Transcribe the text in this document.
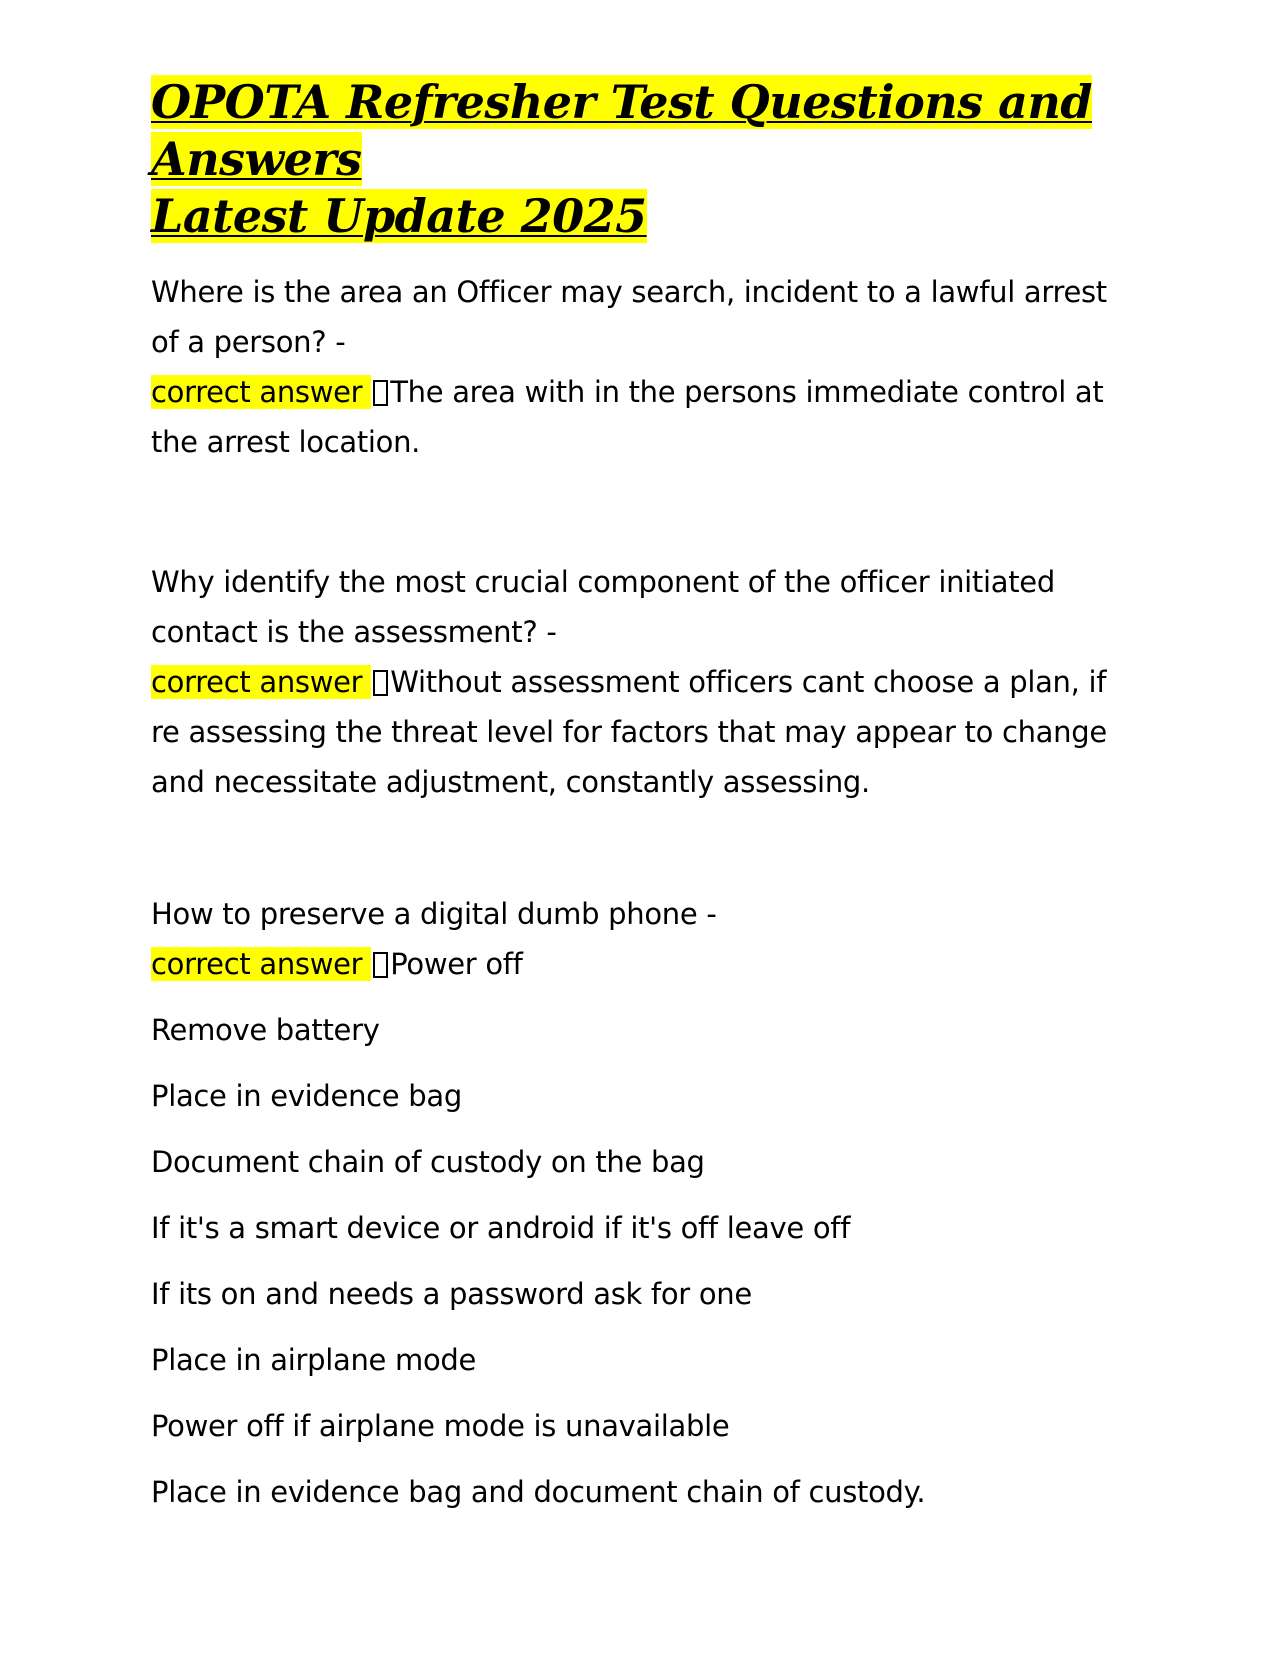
OPOTA Refresher Test Questions and Answers
Latest Update 2025
Where is the area an Officer may search, incident to a lawful arrest of a person? -
correct answer The area with in the persons immediate control at the arrest location.
Why identify the most crucial component of the officer initiated contact is the assessment? -
correct answer Without assessment officers cant choose a plan, if re assessing the threat level for factors that may appear to change and necessitate adjustment, constantly assessing.
How to preserve a digital dumb phone -
correct answer Power off

Remove battery

Place in evidence bag

Document chain of custody on the bag

If it's a smart device or android if it's off leave off

If its on and needs a password ask for one

Place in airplane mode

Power off if airplane mode is unavailable

Place in evidence bag and document chain of custody.
